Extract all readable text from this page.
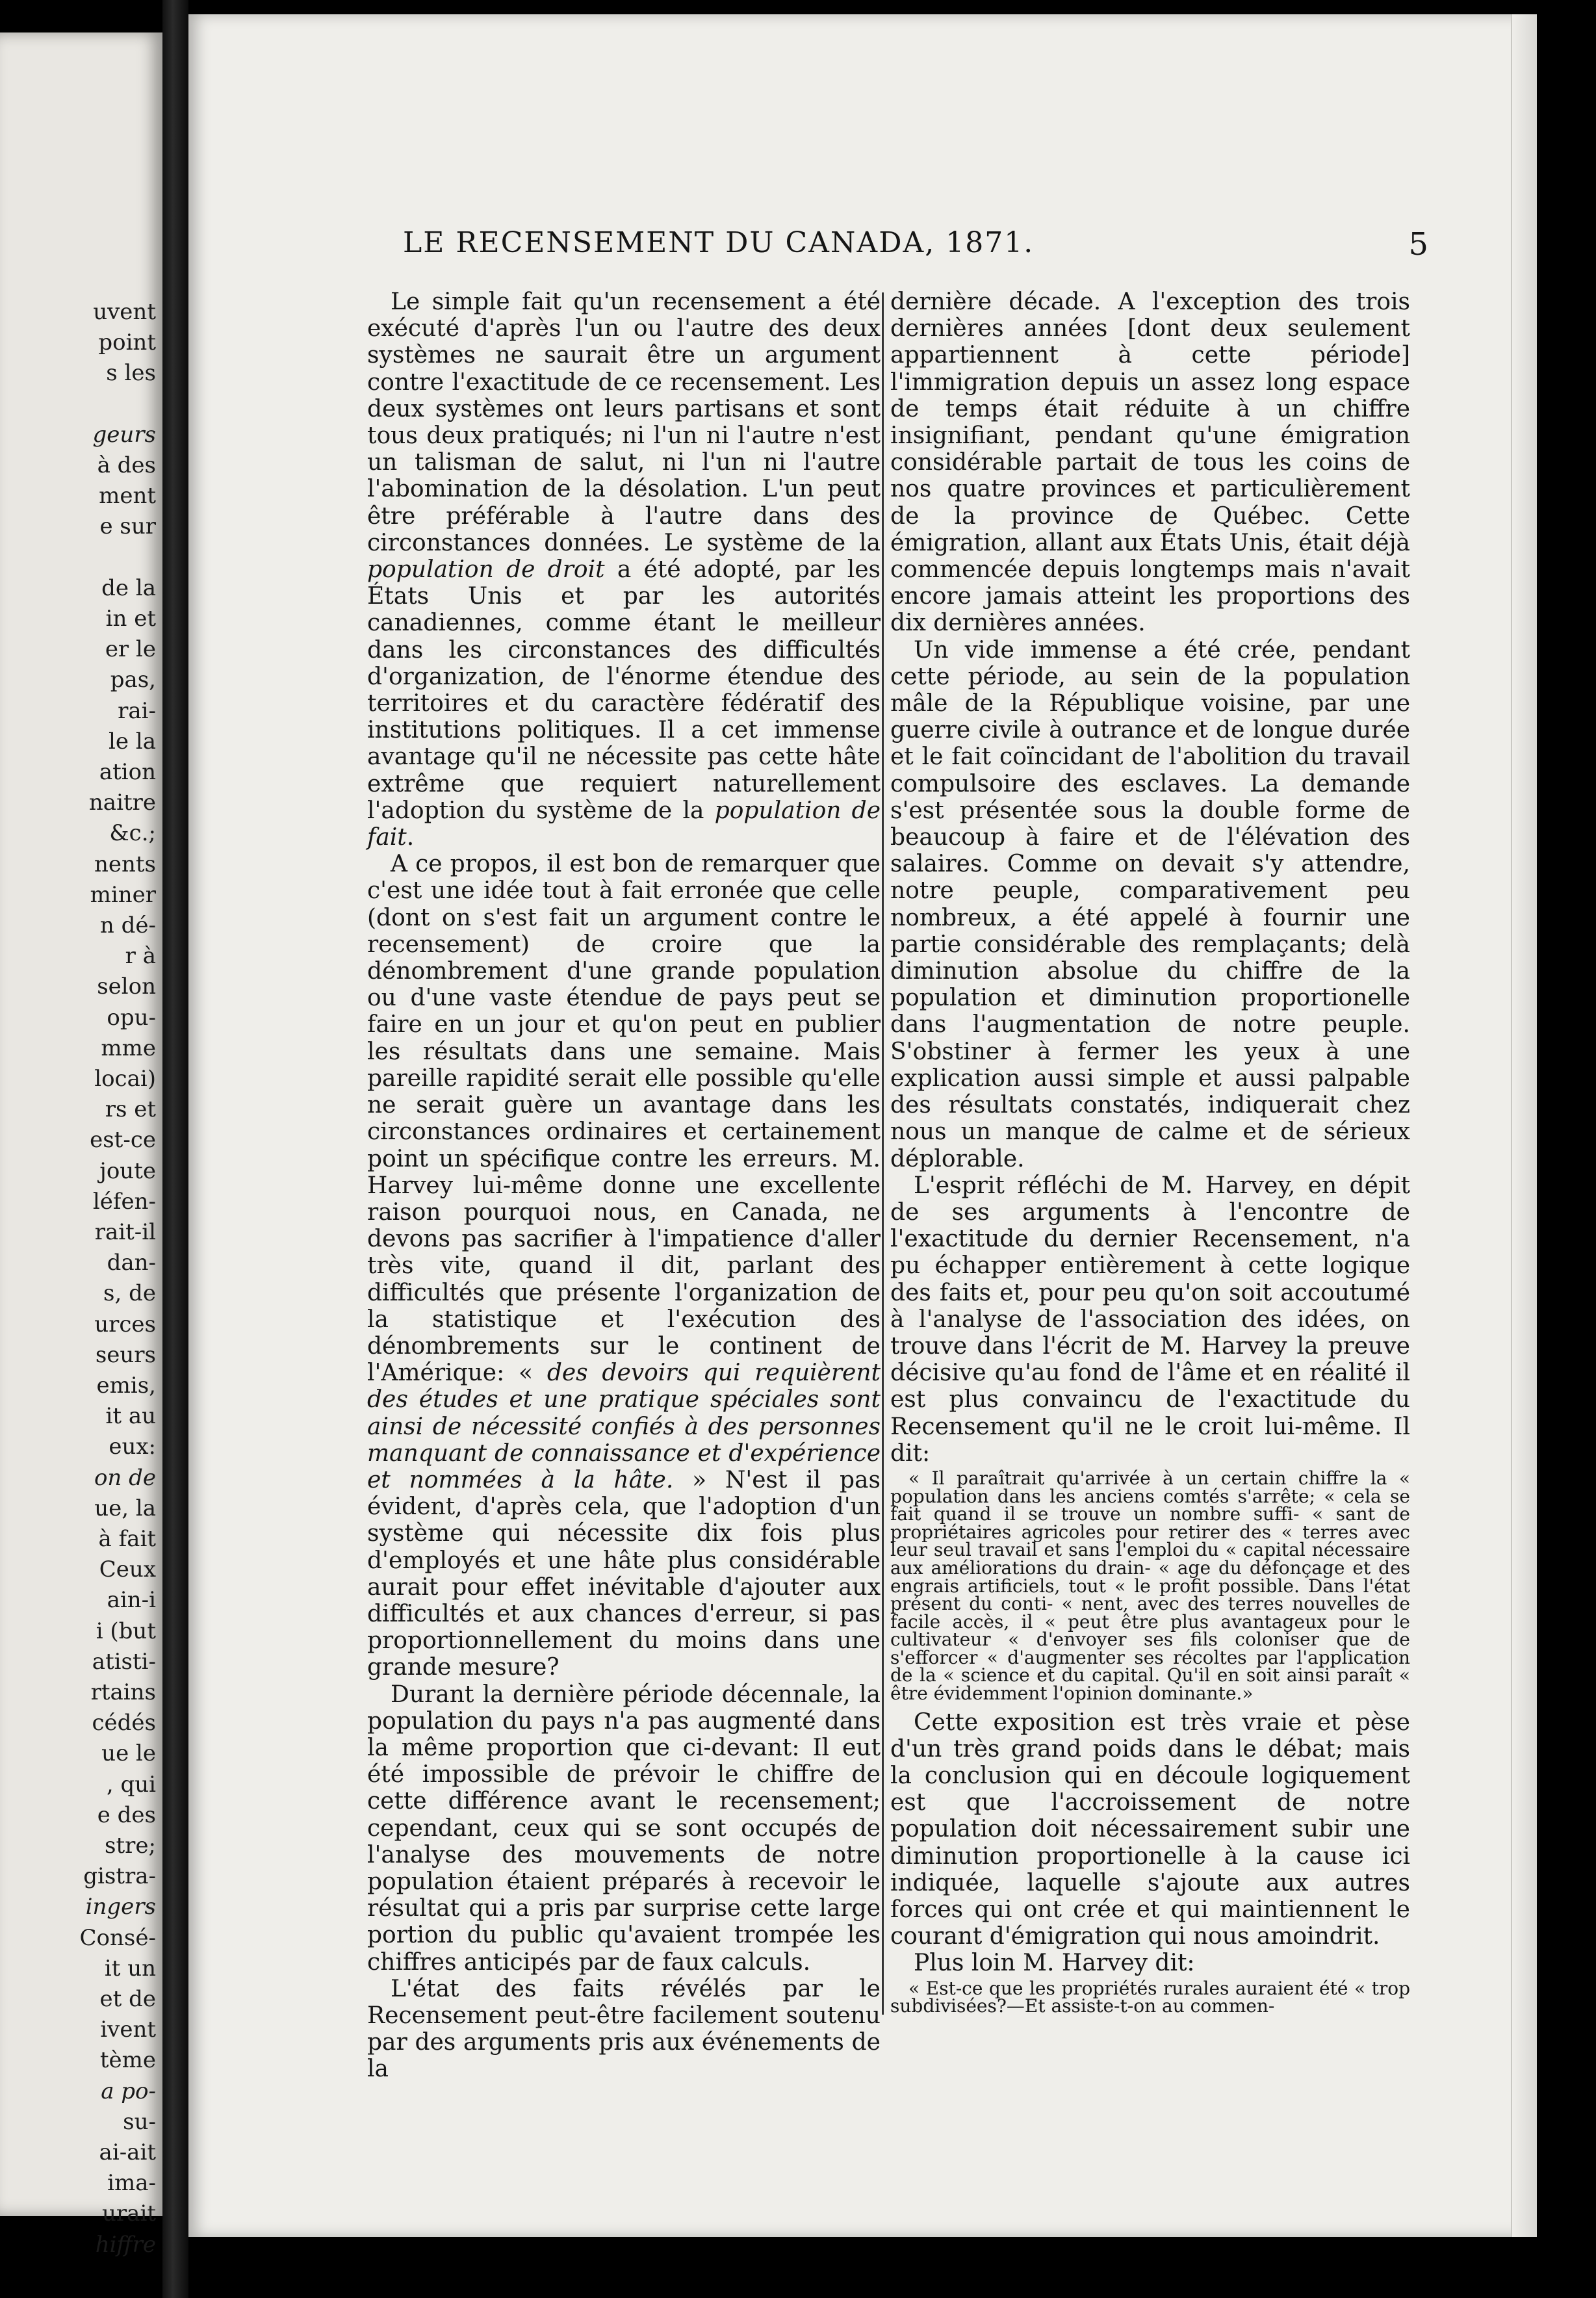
uvent
point
s les
geurs
à des
ment
e sur
de la
in et
er le
pas,
rai-
le la
ation
naitre
&c.;
nents
miner
n dé-
r à
selon
opu-
mme
locai)
rs et
est-ce
joute
léfen-
rait-il
dan-
s, de
urces
seurs
emis,
it au
eux:
on de
ue, la
à fait
Ceux
ain-i
i (but
atisti-
rtains
cédés
ue le
, qui
e des
stre;
gistra-
ingers
Consé-
it un
et de
ivent
tème
a po-
su-
ai-ait
ima-
urait
hiffre
LE RECENSEMENT DU CANADA, 1871.	5

Le simple fait qu'un recensement a été exécuté d'après l'un ou l'autre des deux systèmes ne saurait être un argument contre l'exactitude de ce recensement. Les deux systèmes ont leurs partisans et sont tous deux pratiqués; ni l'un ni l'autre n'est un talisman de salut, ni l'un ni l'autre l'abomination de la désolation. L'un peut être préférable à l'autre dans des circonstances données. Le système de la population de droit a été adopté, par les États Unis et par les autorités canadiennes, comme étant le meilleur dans les circonstances des difficultés d'organization, de l'énorme étendue des territoires et du caractère fédératif des institutions politiques. Il a cet immense avantage qu'il ne nécessite pas cette hâte extrême que requiert naturellement l'adoption du système de la population de fait.

A ce propos, il est bon de remarquer que c'est une idée tout à fait erronée que celle (dont on s'est fait un argument contre le recensement) de croire que la dénombrement d'une grande population ou d'une vaste étendue de pays peut se faire en un jour et qu'on peut en publier les résultats dans une semaine. Mais pareille rapidité serait elle possible qu'elle ne serait guère un avantage dans les circonstances ordinaires et certainement point un spécifique contre les erreurs. M. Harvey lui-même donne une excellente raison pourquoi nous, en Canada, ne devons pas sacrifier à l'impatience d'aller très vite, quand il dit, parlant des difficultés que présente l'organization de la statistique et l'exécution des dénombrements sur le continent de l'Amérique: « des devoirs qui requièrent des études et une pratique spéciales sont ainsi de nécessité confiés à des personnes manquant de connaissance et d'expérience et nommées à la hâte. » N'est il pas évident, d'après cela, que l'adoption d'un système qui nécessite dix fois plus d'employés et une hâte plus considérable aurait pour effet inévitable d'ajouter aux difficultés et aux chances d'erreur, si pas proportionnellement du moins dans une grande mesure?

Durant la dernière période décennale, la population du pays n'a pas augmenté dans la même proportion que ci-devant: Il eut été impossible de prévoir le chiffre de cette différence avant le recensement; cependant, ceux qui se sont occupés de l'analyse des mouvements de notre population étaient préparés à recevoir le résultat qui a pris par surprise cette large portion du public qu'avaient trompée les chiffres anticipés par de faux calculs.

L'état des faits révélés par le Recensement peut-être facilement soutenu par des arguments pris aux événements de la

dernière décade. A l'exception des trois dernières années [dont deux seulement appartiennent à cette période] l'immigration depuis un assez long espace de temps était réduite à un chiffre insignifiant, pendant qu'une émigration considérable partait de tous les coins de nos quatre provinces et particulièrement de la province de Québec. Cette émigration, allant aux États Unis, était déjà commencée depuis longtemps mais n'avait encore jamais atteint les proportions des dix dernières années.

Un vide immense a été crée, pendant cette période, au sein de la population mâle de la République voisine, par une guerre civile à outrance et de longue durée et le fait coïncidant de l'abolition du travail compulsoire des esclaves. La demande s'est présentée sous la double forme de beaucoup à faire et de l'élévation des salaires. Comme on devait s'y attendre, notre peuple, comparativement peu nombreux, a été appelé à fournir une partie considérable des remplaçants; delà diminution absolue du chiffre de la population et diminution proportionelle dans l'augmentation de notre peuple. S'obstiner à fermer les yeux à une explication aussi simple et aussi palpable des résultats constatés, indiquerait chez nous un manque de calme et de sérieux déplorable.

L'esprit réfléchi de M. Harvey, en dépit de ses arguments à l'encontre de l'exactitude du dernier Recensement, n'a pu échapper entièrement à cette logique des faits et, pour peu qu'on soit accoutumé à l'analyse de l'association des idées, on trouve dans l'écrit de M. Harvey la preuve décisive qu'au fond de l'âme et en réalité il est plus convaincu de l'exactitude du Recensement qu'il ne le croit lui-même. Il dit:

« Il paraîtrait qu'arrivée à un certain chiffre la « population dans les anciens comtés s'arrête; « cela se fait quand il se trouve un nombre suffi- « sant de propriétaires agricoles pour retirer des « terres avec leur seul travail et sans l'emploi du « capital nécessaire aux améliorations du drain- « age du défonçage et des engrais artificiels, tout « le profit possible. Dans l'état présent du conti- « nent, avec des terres nouvelles de facile accès, il « peut être plus avantageux pour le cultivateur « d'envoyer ses fils coloniser que de s'efforcer « d'augmenter ses récoltes par l'application de la « science et du capital. Qu'il en soit ainsi paraît « être évidemment l'opinion dominante.»

Cette exposition est très vraie et pèse d'un très grand poids dans le débat; mais la conclusion qui en découle logiquement est que l'accroissement de notre population doit nécessairement subir une diminution proportionelle à la cause ici indiquée, laquelle s'ajoute aux autres forces qui ont crée et qui maintiennent le courant d'émigration qui nous amoindrit.

Plus loin M. Harvey dit:

« Est-ce que les propriétés rurales auraient été « trop subdivisées?—Et assiste-t-on au commen-
